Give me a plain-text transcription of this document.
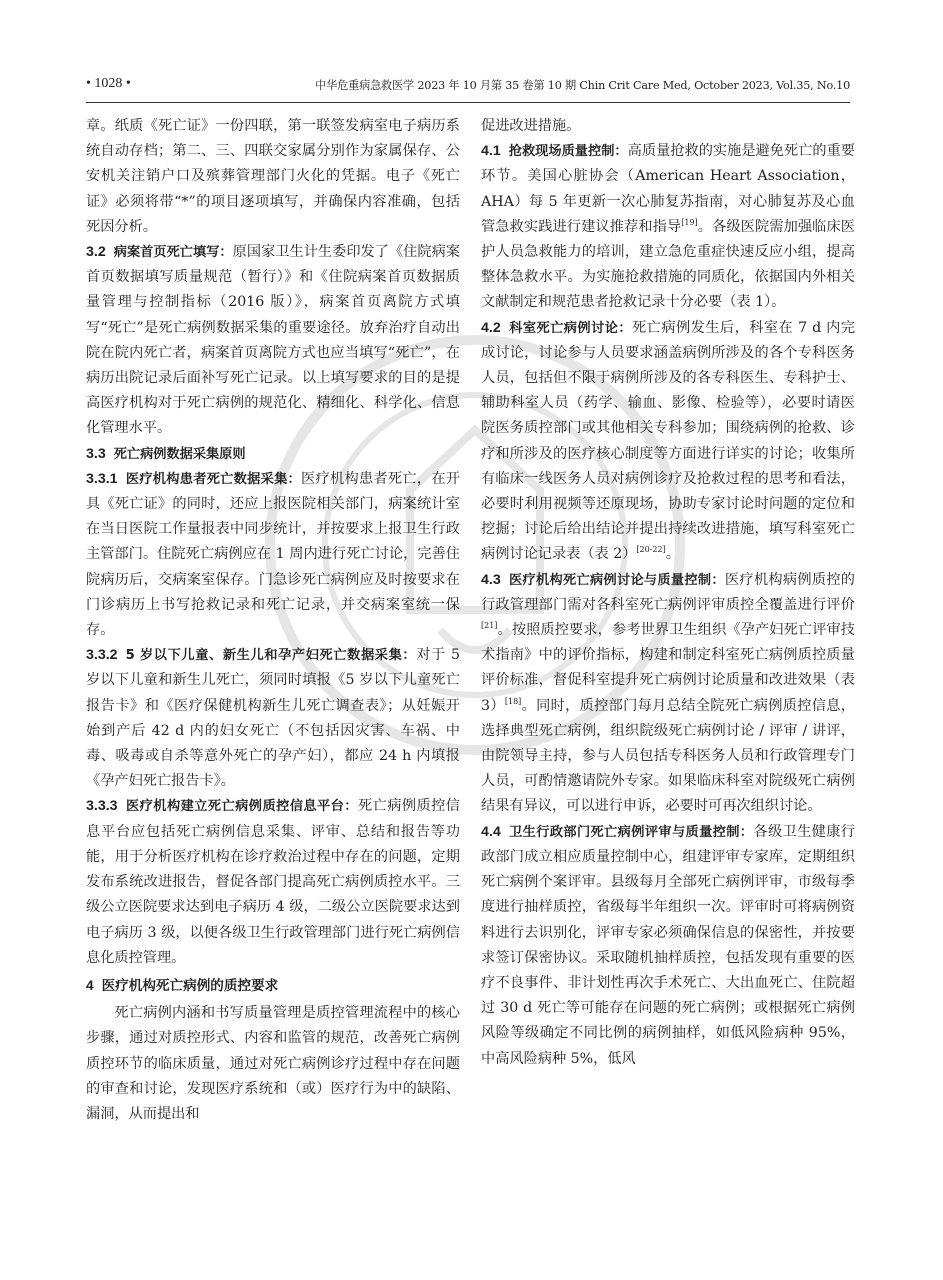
• 1028 •	中华危重病急救医学 2023 年 10 月第 35 卷第 10 期 Chin Crit Care Med, October 2023, Vol.35, No.10

章。纸质《死亡证》一份四联，第一联签发病室电子病历系统自动存档；第二、三、四联交家属分别作为家属保存、公安机关注销户口及殡葬管理部门火化的凭据。电子《死亡证》必须将带“*”的项目逐项填写，并确保内容准确，包括死因分析。

3.2 病案首页死亡填写：原国家卫生计生委印发了《住院病案首页数据填写质量规范（暂行）》和《住院病案首页数据质量管理与控制指标（2016 版）》，病案首页离院方式填写“死亡”是死亡病例数据采集的重要途径。放弃治疗自动出院在院内死亡者，病案首页离院方式也应当填写“死亡”，在病历出院记录后面补写死亡记录。以上填写要求的目的是提高医疗机构对于死亡病例的规范化、精细化、科学化、信息化管理水平。

3.3 死亡病例数据采集原则

3.3.1 医疗机构患者死亡数据采集：医疗机构患者死亡，在开具《死亡证》的同时，还应上报医院相关部门，病案统计室在当日医院工作量报表中同步统计，并按要求上报卫生行政主管部门。住院死亡病例应在 1 周内进行死亡讨论，完善住院病历后，交病案室保存。门急诊死亡病例应及时按要求在门诊病历上书写抢救记录和死亡记录，并交病案室统一保存。

3.3.2 5 岁以下儿童、新生儿和孕产妇死亡数据采集：对于 5 岁以下儿童和新生儿死亡，须同时填报《5 岁以下儿童死亡报告卡》和《医疗保健机构新生儿死亡调查表》；从妊娠开始到产后 42 d 内的妇女死亡（不包括因灾害、车祸、中毒、吸毒或自杀等意外死亡的孕产妇），都应 24 h 内填报《孕产妇死亡报告卡》。

3.3.3 医疗机构建立死亡病例质控信息平台：死亡病例质控信息平台应包括死亡病例信息采集、评审、总结和报告等功能，用于分析医疗机构在诊疗救治过程中存在的问题，定期发布系统改进报告，督促各部门提高死亡病例质控水平。三级公立医院要求达到电子病历 4 级，二级公立医院要求达到电子病历 3 级，以便各级卫生行政管理部门进行死亡病例信息化质控管理。

4 医疗机构死亡病例的质控要求

死亡病例内涵和书写质量管理是质控管理流程中的核心步骤，通过对质控形式、内容和监管的规范，改善死亡病例质控环节的临床质量，通过对死亡病例诊疗过程中存在问题的审查和讨论，发现医疗系统和（或）医疗行为中的缺陷、漏洞，从而提出和

促进改进措施。

4.1 抢救现场质量控制：高质量抢救的实施是避免死亡的重要环节。美国心脏协会（American Heart Association，AHA）每 5 年更新一次心肺复苏指南，对心肺复苏及心血管急救实践进行建议推荐和指导[19]。各级医院需加强临床医护人员急救能力的培训，建立急危重症快速反应小组，提高整体急救水平。为实施抢救措施的同质化，依据国内外相关文献制定和规范患者抢救记录十分必要（表 1）。

4.2 科室死亡病例讨论：死亡病例发生后，科室在 7 d 内完成讨论，讨论参与人员要求涵盖病例所涉及的各个专科医务人员，包括但不限于病例所涉及的各专科医生、专科护士、辅助科室人员（药学、输血、影像、检验等），必要时请医院医务质控部门或其他相关专科参加；围绕病例的抢救、诊疗和所涉及的医疗核心制度等方面进行详实的讨论；收集所有临床一线医务人员对病例诊疗及抢救过程的思考和看法，必要时利用视频等还原现场，协助专家讨论时问题的定位和挖掘；讨论后给出结论并提出持续改进措施，填写科室死亡病例讨论记录表（表 2）[20-22]。

4.3 医疗机构死亡病例讨论与质量控制：医疗机构病例质控的行政管理部门需对各科室死亡病例评审质控全覆盖进行评价[21]。按照质控要求，参考世界卫生组织《孕产妇死亡评审技术指南》中的评价指标，构建和制定科室死亡病例质控质量评价标准，督促科室提升死亡病例讨论质量和改进效果（表 3）[18]。同时，质控部门每月总结全院死亡病例质控信息，选择典型死亡病例，组织院级死亡病例讨论 / 评审 / 讲评，由院领导主持，参与人员包括专科医务人员和行政管理专门人员，可酌情邀请院外专家。如果临床科室对院级死亡病例结果有异议，可以进行申诉，必要时可再次组织讨论。

4.4 卫生行政部门死亡病例评审与质量控制：各级卫生健康行政部门成立相应质量控制中心，组建评审专家库，定期组织死亡病例个案评审。县级每月全部死亡病例评审，市级每季度进行抽样质控，省级每半年组织一次。评审时可将病例资料进行去识别化，评审专家必须确保信息的保密性，并按要求签订保密协议。采取随机抽样质控，包括发现有重要的医疗不良事件、非计划性再次手术死亡、大出血死亡、住院超过 30 d 死亡等可能存在问题的死亡病例；或根据死亡病例风险等级确定不同比例的病例抽样，如低风险病种 95%，中高风险病种 5%，低风
